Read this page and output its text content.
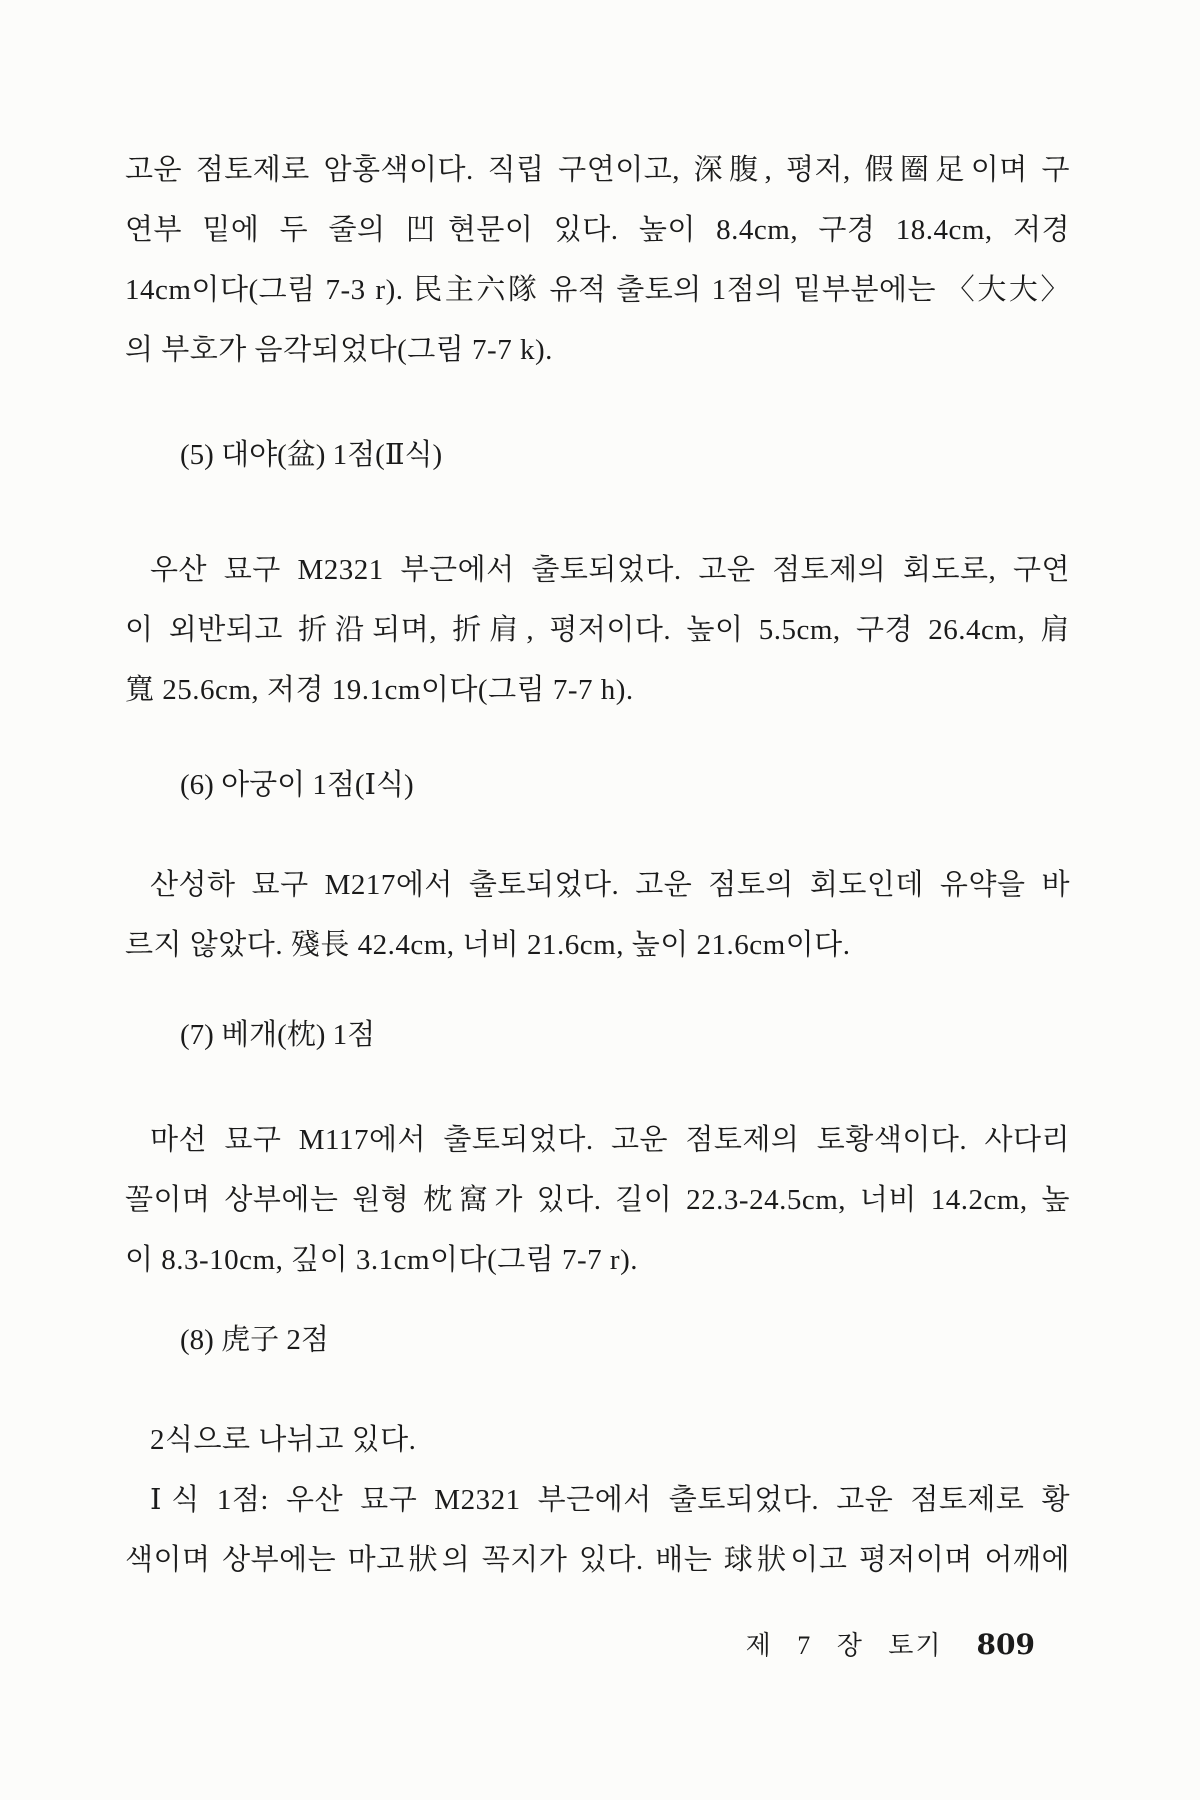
고운 점토제로 암홍색이다. 직립 구연이고, 深腹, 평저, 假圈足이며 구
연부 밑에 두 줄의 凹현문이 있다. 높이 8.4cm, 구경 18.4cm, 저경
14cm이다(그림 7-3 r). 民主六隊 유적 출토의 1점의 밑부분에는 〈大大〉
의 부호가 음각되었다(그림 7-7 k).
(5) 대야(盆) 1점(Ⅱ식)
우산 묘구 M2321 부근에서 출토되었다. 고운 점토제의 회도로, 구연
이 외반되고 折沿되며, 折肩, 평저이다. 높이 5.5cm, 구경 26.4cm, 肩
寬 25.6cm, 저경 19.1cm이다(그림 7-7 h).
(6) 아궁이 1점(Ⅰ식)
산성하 묘구 M217에서 출토되었다. 고운 점토의 회도인데 유약을 바
르지 않았다. 殘長 42.4cm, 너비 21.6cm, 높이 21.6cm이다.
(7) 베개(枕) 1점
마선 묘구 M117에서 출토되었다. 고운 점토제의 토황색이다. 사다리
꼴이며 상부에는 원형 枕窩가 있다. 길이 22.3-24.5cm, 너비 14.2cm, 높
이 8.3-10cm, 깊이 3.1cm이다(그림 7-7 r).
(8) 虎子 2점
2식으로 나뉘고 있다.
Ⅰ식 1점: 우산 묘구 M2321 부근에서 출토되었다. 고운 점토제로 황
색이며 상부에는 마고狀의 꼭지가 있다. 배는 球狀이고 평저이며 어깨에
제 7 장 토기 809
